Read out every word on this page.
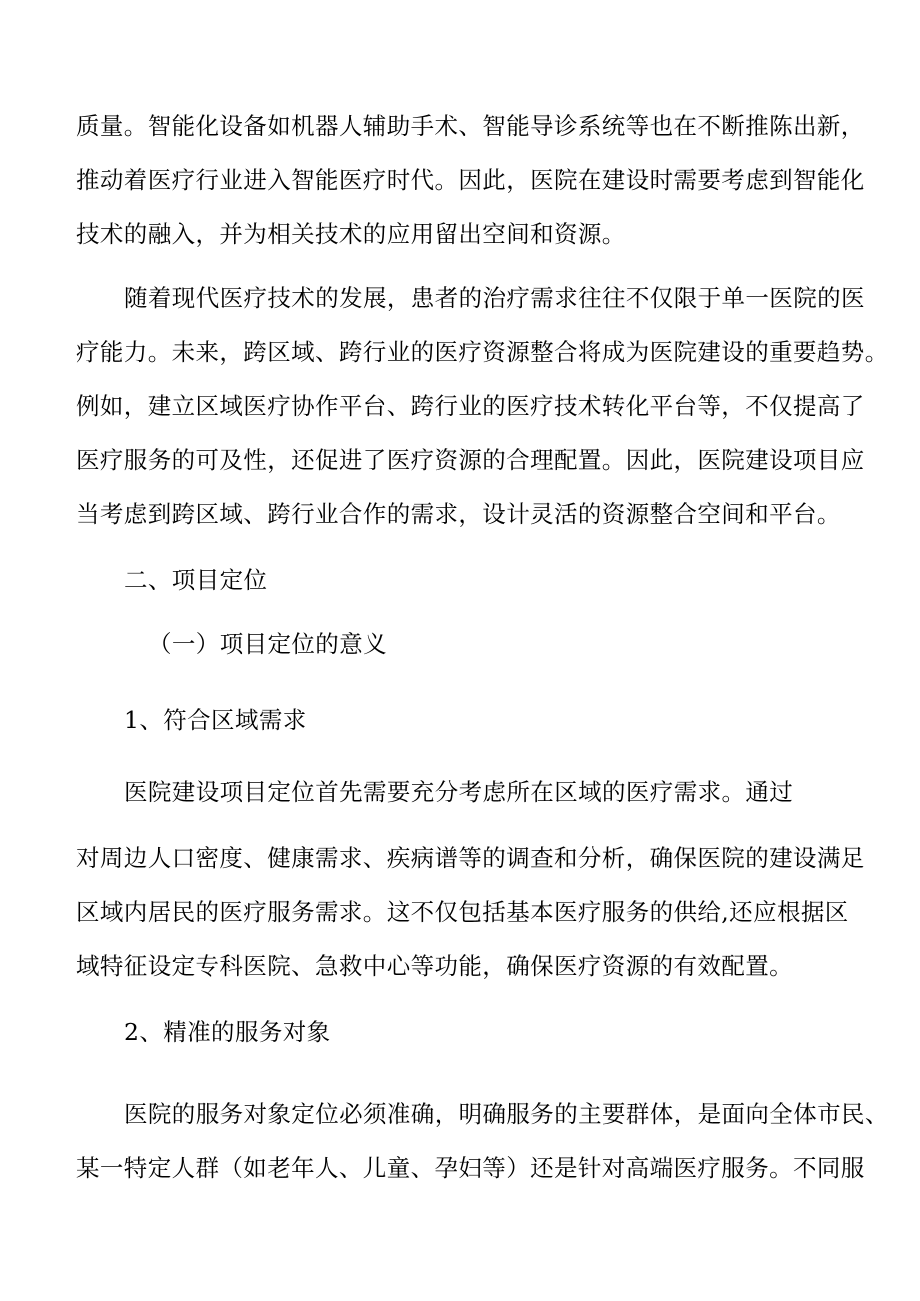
质量。智能化设备如机器人辅助手术、智能导诊系统等也在不断推陈出新，
推动着医疗行业进入智能医疗时代。因此，医院在建设时需要考虑到智能化
技术的融入，并为相关技术的应用留出空间和资源。
随着现代医疗技术的发展，患者的治疗需求往往不仅限于单一医院的医
疗能力。未来，跨区域、跨行业的医疗资源整合将成为医院建设的重要趋势。
例如，建立区域医疗协作平台、跨行业的医疗技术转化平台等，不仅提高了
医疗服务的可及性，还促进了医疗资源的合理配置。因此，医院建设项目应
当考虑到跨区域、跨行业合作的需求，设计灵活的资源整合空间和平台。
二、项目定位
（一）项目定位的意义
1、符合区域需求
医院建设项目定位首先需要充分考虑所在区域的医疗需求。通过
对周边人口密度、健康需求、疾病谱等的调查和分析，确保医院的建设满足
区域内居民的医疗服务需求。这不仅包括基本医疗服务的供给,还应根据区
域特征设定专科医院、急救中心等功能，确保医疗资源的有效配置。
2、精准的服务对象
医院的服务对象定位必须准确，明确服务的主要群体，是面向全体市民、
某一特定人群（如老年人、儿童、孕妇等）还是针对高端医疗服务。不同服
